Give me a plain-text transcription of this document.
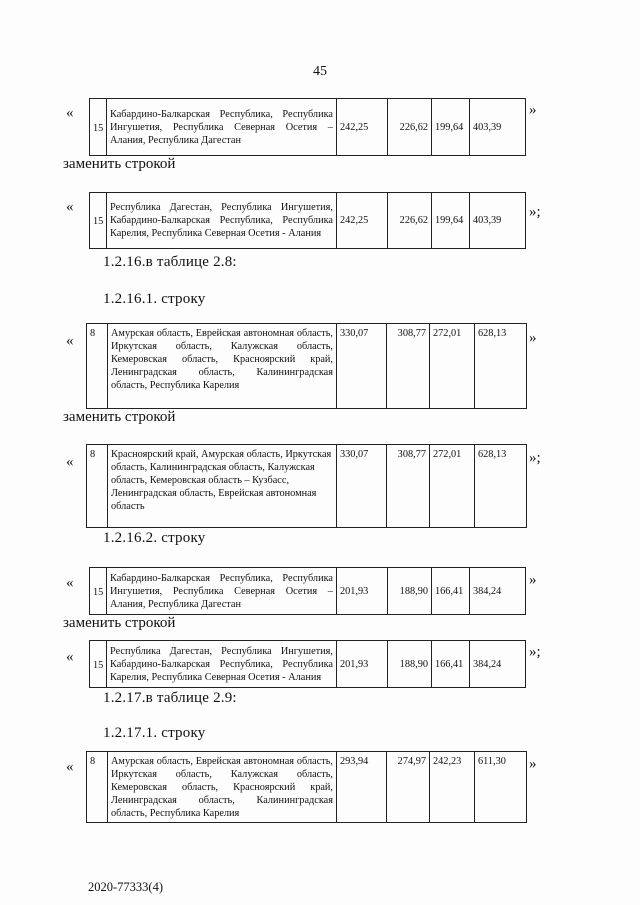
45
«
15	Кабардино-Балкарская Республика, Республика Ингушетия, Республика Северная Осетия – Алания, Республика Дагестан	242,25	226,62	199,64	403,39
»
заменить строкой
«
15	Республика Дагестан, Республика Ингушетия, Кабардино-Балкарская Республика, Республика Карелия, Республика Северная Осетия - Алания	242,25	226,62	199,64	403,39
»;
1.2.16.в таблице 2.8:
1.2.16.1. строку
« 8	Амурская область, Еврейская автономная область, Иркутская область, Калужская область, Кемеровская область, Красноярский край, Ленинградская область, Калининградская область, Республика Карелия	330,07	308,77	272,01	628,13 »
заменить строкой
« 8	Красноярский край, Амурская область, Иркутская область, Калининградская область, Калужская область, Кемеровская область – Кузбасс, Ленинградская область, Еврейская автономная область	330,07	308,77	272,01	628,13 »;
1.2.16.2. строку
«
15	Кабардино-Балкарская Республика, Республика Ингушетия, Республика Северная Осетия – Алания, Республика Дагестан	201,93	188,90	166,41	384,24
»
заменить строкой
« 15	Республика Дагестан, Республика Ингушетия, Кабардино-Балкарская Республика, Республика Карелия, Республика Северная Осетия - Алания	201,93	188,90	166,41	384,24
»;
1.2.17.в таблице 2.9:
1.2.17.1. строку
« 8	Амурская область, Еврейская автономная область, Иркутская область, Калужская область, Кемеровская область, Красноярский край, Ленинградская область, Калининградская область, Республика Карелия	293,94	274,97	242,23	611,30 »
2020-77333(4)
